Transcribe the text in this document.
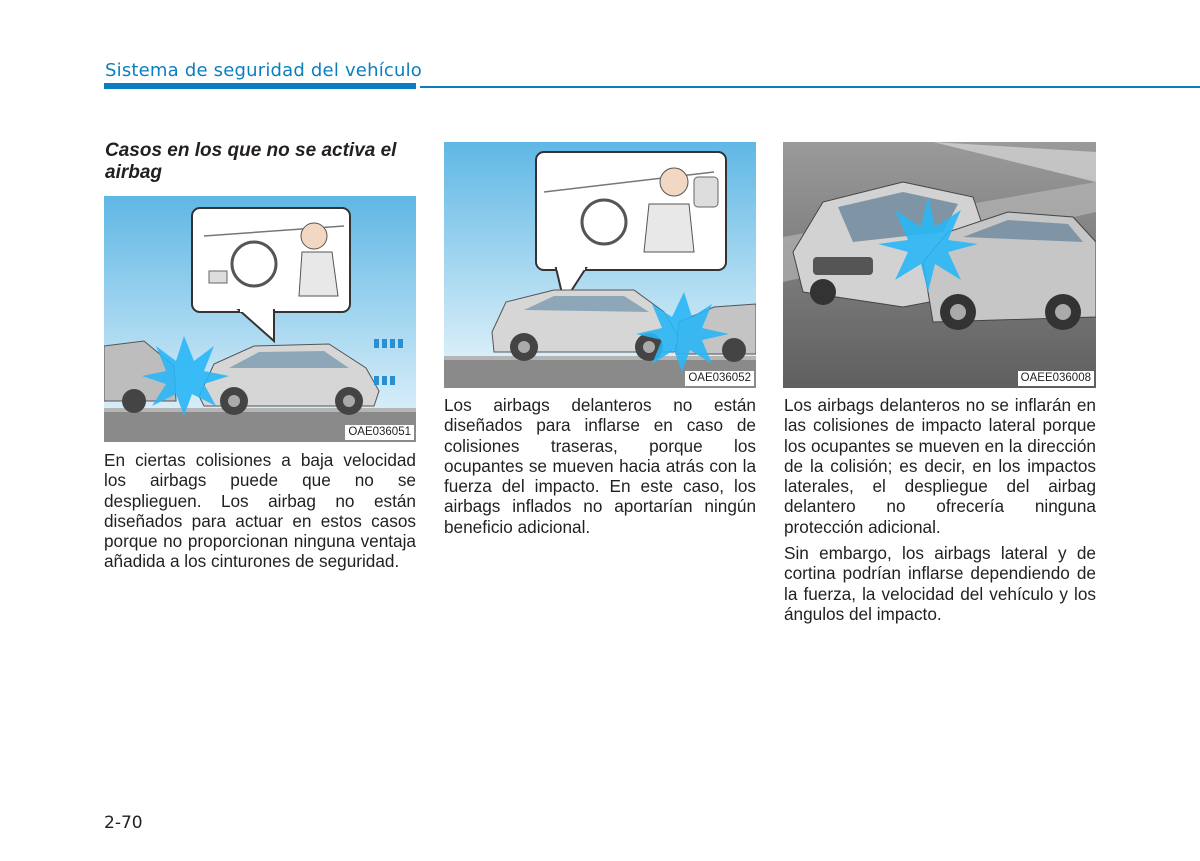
Sistema de seguridad del vehículo
Casos en los que no se activa el airbag
OAE036051
OAE036052	OAEE036008

En ciertas colisiones a baja velocidad los airbags puede que no se desplieguen. Los airbag no están diseñados para actuar en estos casos porque no proporcionan ninguna ventaja añadida a los cinturones de seguridad.

Los airbags delanteros no están diseñados para inflarse en caso de colisiones traseras, porque los ocupantes se mueven hacia atrás con la fuerza del impacto. En este caso, los airbags inflados no aportarían ningún beneficio adicional.

Los airbags delanteros no se inflarán en las colisiones de impacto lateral porque los ocupantes se mueven en la dirección de la colisión; es decir, en los impactos laterales, el despliegue del airbag delantero no ofrecería ninguna protección adicional.

Sin embargo, los airbags lateral y de cortina podrían inflarse dependiendo de la fuerza, la velocidad del vehículo y los ángulos del impacto.

2-70
